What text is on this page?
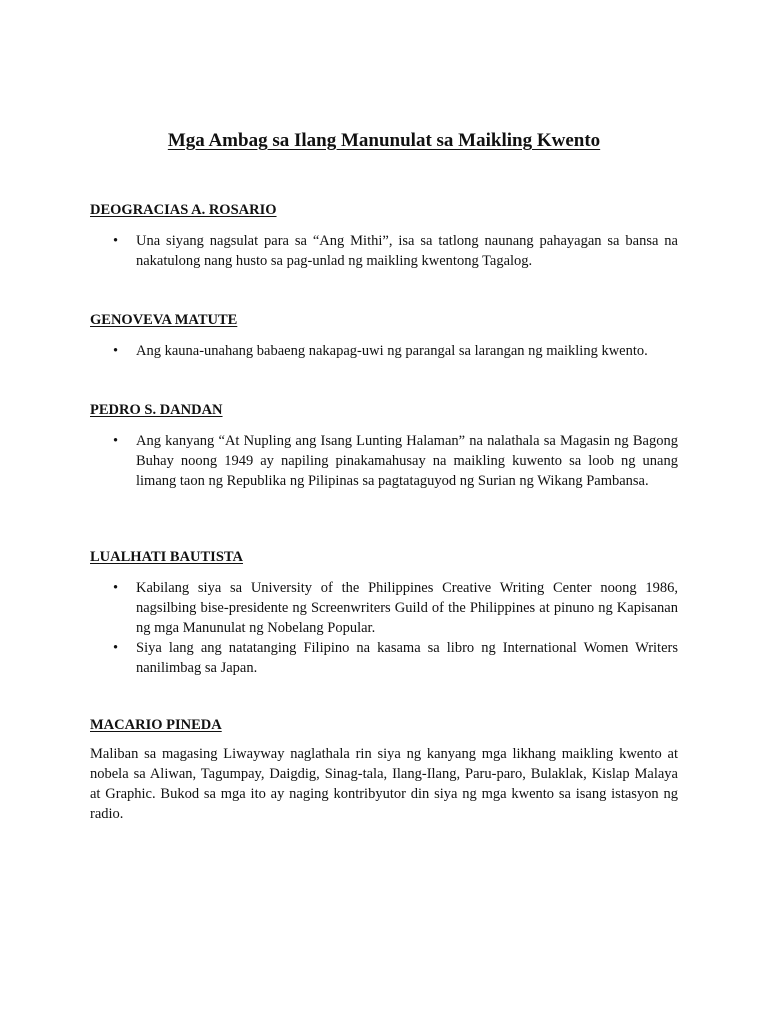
Mga Ambag sa Ilang Manunulat sa Maikling Kwento

DEOGRACIAS A. ROSARIO

• Una siyang nagsulat para sa “Ang Mithi”, isa sa tatlong naunang pahayagan sa bansa na nakatulong nang husto sa pag-unlad ng maikling kwentong Tagalog.

GENOVEVA MATUTE

• Ang kauna-unahang babaeng nakapag-uwi ng parangal sa larangan ng maikling kwento.

PEDRO S. DANDAN

• Ang kanyang “At Nupling ang Isang Lunting Halaman” na nalathala sa Magasin ng Bagong Buhay noong 1949 ay napiling pinakamahusay na maikling kuwento sa loob ng unang limang taon ng Republika ng Pilipinas sa pagtataguyod ng Surian ng Wikang Pambansa.

LUALHATI BAUTISTA

• Kabilang siya sa University of the Philippines Creative Writing Center noong 1986, nagsilbing bise-presidente ng Screenwriters Guild of the Philippines at pinuno ng Kapisanan ng mga Manunulat ng Nobelang Popular.
• Siya lang ang natatanging Filipino na kasama sa libro ng International Women Writers nanilimbag sa Japan.

MACARIO PINEDA

Maliban sa magasing Liwayway naglathala rin siya ng kanyang mga likhang maikling kwento at nobela sa Aliwan, Tagumpay, Daigdig, Sinag-tala, Ilang-Ilang, Paru-paro, Bulaklak, Kislap Malaya at Graphic. Bukod sa mga ito ay naging kontribyutor din siya ng mga kwento sa isang istasyon ng radio.
